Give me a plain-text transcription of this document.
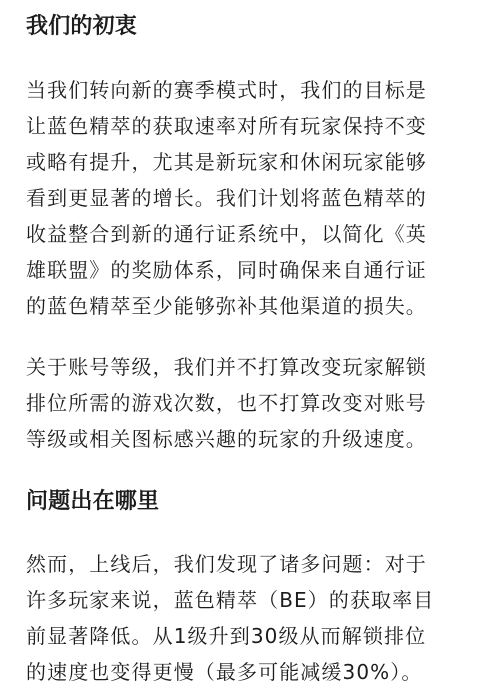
我们的初衷

当我们转向新的赛季模式时，我们的目标是
让蓝色精萃的获取速率对所有玩家保持不变
或略有提升，尤其是新玩家和休闲玩家能够
看到更显著的增长。我们计划将蓝色精萃的
收益整合到新的通行证系统中，以简化《英
雄联盟》的奖励体系，同时确保来自通行证
的蓝色精萃至少能够弥补其他渠道的损失。

关于账号等级，我们并不打算改变玩家解锁
排位所需的游戏次数，也不打算改变对账号
等级或相关图标感兴趣的玩家的升级速度。

问题出在哪里

然而，上线后，我们发现了诸多问题：对于
许多玩家来说，蓝色精萃（BE）的获取率目
前显著降低。从1级升到30级从而解锁排位
的速度也变得更慢（最多可能减缓30%）。
